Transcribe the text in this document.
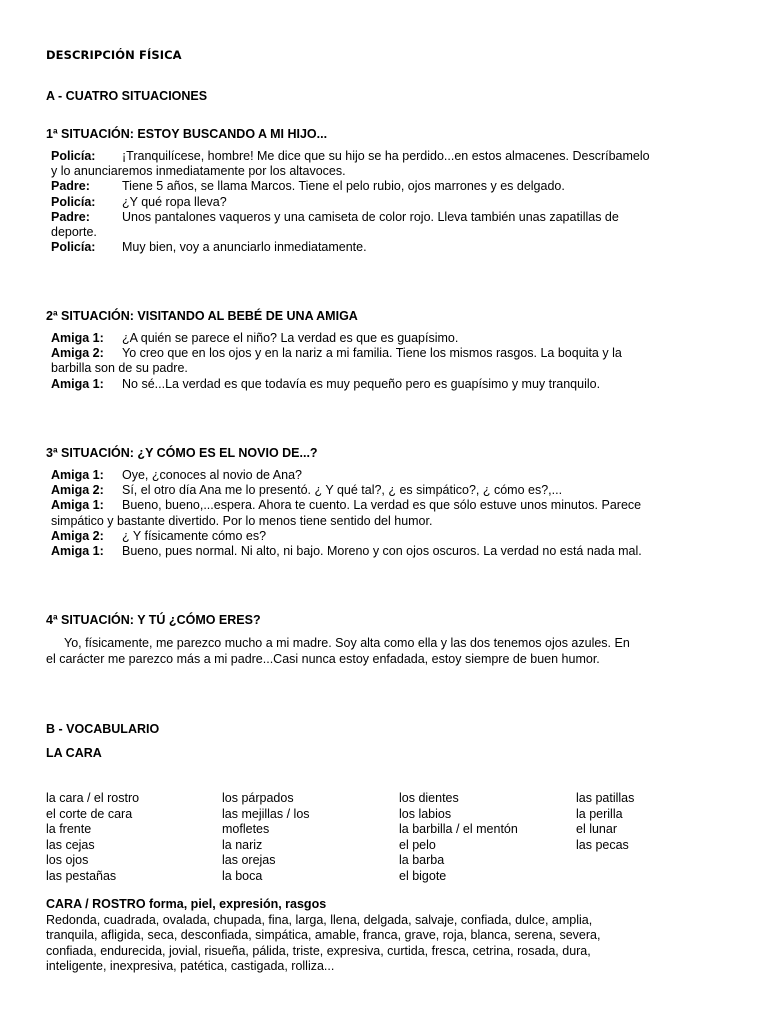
DESCRIPCIÓN FÍSICA
A - CUATRO SITUACIONES
1ª SITUACIÓN: ESTOY BUSCANDO A MI HIJO...
Policía: ¡Tranquilícese, hombre! Me dice que su hijo se ha perdido...en estos almacenes. Descríbamelo
y lo anunciaremos inmediatamente por los altavoces.
Padre:	Tiene 5 años, se llama Marcos. Tiene el pelo rubio, ojos marrones y es delgado.
Policía: ¿Y qué ropa lleva?
Padre:	Unos pantalones vaqueros y una camiseta de color rojo. Lleva también unas zapatillas de
deporte.
Policía: Muy bien, voy a anunciarlo inmediatamente.
2ª SITUACIÓN: VISITANDO AL BEBÉ DE UNA AMIGA
Amiga 1: ¿A quién se parece el niño? La verdad es que es guapísimo.
Amiga 2: Yo creo que en los ojos y en la nariz a mi familia. Tiene los mismos rasgos. La boquita y la
barbilla son de su padre.
Amiga 1: No sé...La verdad es que todavía es muy pequeño pero es guapísimo y muy tranquilo.
3ª SITUACIÓN: ¿Y CÓMO ES EL NOVIO DE...?
Amiga 1: Oye, ¿conoces al novio de Ana?
Amiga 2: Sí, el otro día Ana me lo presentó. ¿ Y qué tal?, ¿ es simpático?, ¿ cómo es?,...
Amiga 1: Bueno, bueno,...espera. Ahora te cuento. La verdad es que sólo estuve unos minutos. Parece
simpático y bastante divertido. Por lo menos tiene sentido del humor.
Amiga 2: ¿ Y físicamente cómo es?
Amiga 1: Bueno, pues normal. Ni alto, ni bajo. Moreno y con ojos oscuros. La verdad no está nada mal.
4ª SITUACIÓN: Y TÚ ¿CÓMO ERES?
Yo, físicamente, me parezco mucho a mi madre. Soy alta como ella y las dos tenemos ojos azules. En
el carácter me parezco más a mi padre...Casi nunca estoy enfadada, estoy siempre de buen humor.
B - VOCABULARIO
LA CARA
la cara / el rostro
el corte de cara
la frente
las cejas
los ojos
las pestañas
los párpados
las mejillas / los
mofletes
la nariz
las orejas
la boca
los dientes
los labios
la barbilla / el mentón
el pelo
la barba
el bigote
las patillas
la perilla
el lunar
las pecas
CARA / ROSTRO forma, piel, expresión, rasgos
Redonda, cuadrada, ovalada, chupada, fina, larga, llena, delgada, salvaje, confiada, dulce, amplia,
tranquila, afligida, seca, desconfiada, simpática, amable, franca, grave, roja, blanca, serena, severa,
confiada, endurecida, jovial, risueña, pálida, triste, expresiva, curtida, fresca, cetrina, rosada, dura,
inteligente, inexpresiva, patética, castigada, rolliza...
